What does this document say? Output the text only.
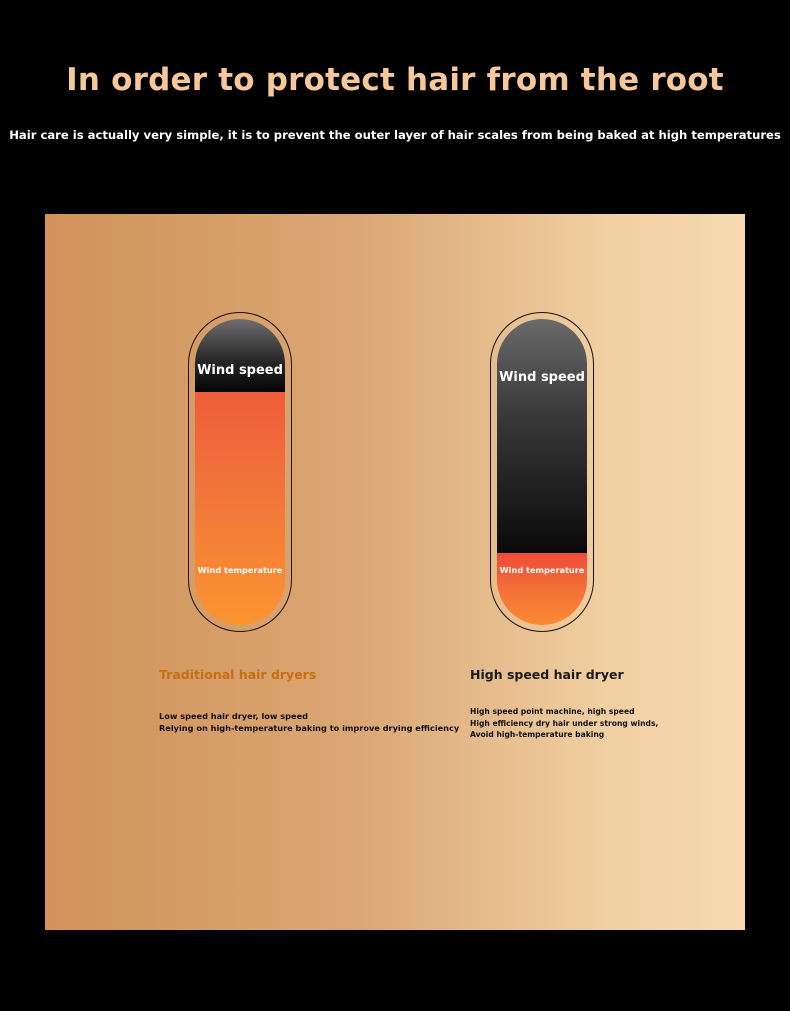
In order to protect hair from the root
Hair care is actually very simple, it is to prevent the outer layer of hair scales from being baked at high temperatures
Wind speed
Wind temperature
Wind speed
Wind temperature
Traditional hair dryers	High speed hair dryer
Low speed hair dryer, low speed
Relying on high-temperature baking to improve drying efficiency
High speed point machine, high speed
High efficiency dry hair under strong winds,
Avoid high-temperature baking
